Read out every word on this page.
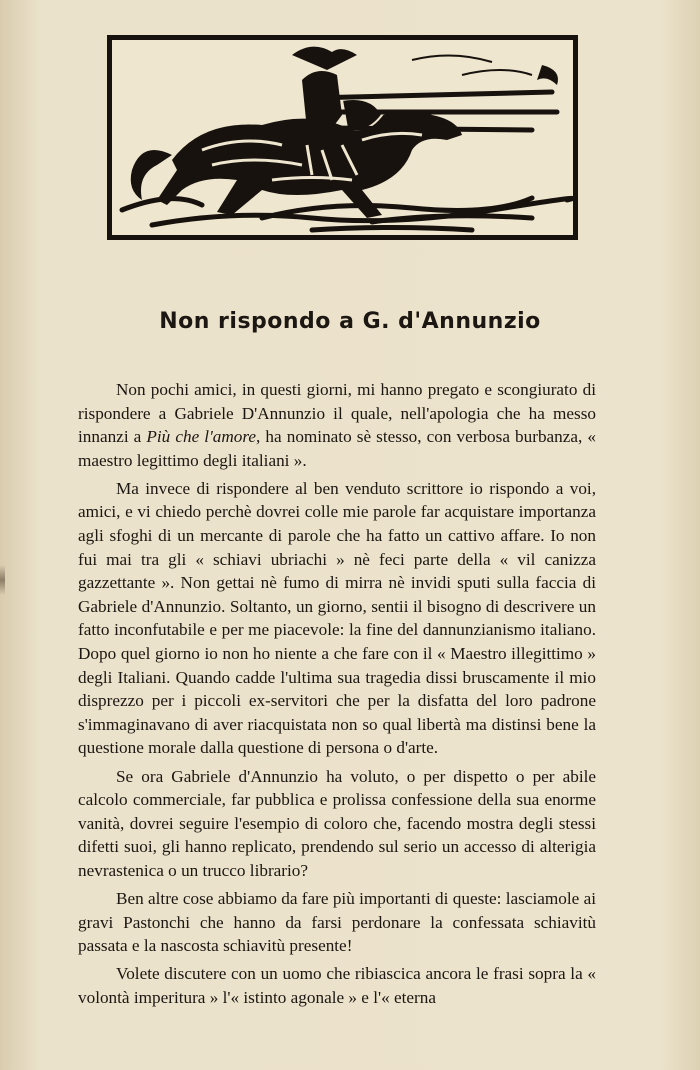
Non rispondo a G. d'Annunzio

Non pochi amici, in questi giorni, mi hanno pregato e scongiurato di rispondere a Gabriele D'Annunzio il quale, nell'apologia che ha messo innanzi a Più che l'amore, ha nominato sè stesso, con verbosa burbanza, « maestro legittimo degli italiani ».

Ma invece di rispondere al ben venduto scrittore io rispondo a voi, amici, e vi chiedo perchè dovrei colle mie parole far acquistare importanza agli sfoghi di un mercante di parole che ha fatto un cattivo affare. Io non fui mai tra gli « schiavi ubriachi » nè feci parte della « vil canizza gazzettante ». Non gettai nè fumo di mirra nè invidi sputi sulla faccia di Gabriele d'Annunzio. Soltanto, un giorno, sentii il bisogno di descrivere un fatto inconfutabile e per me piacevole: la fine del dannunzianismo italiano. Dopo quel giorno io non ho niente a che fare con il « Maestro illegittimo » degli Italiani. Quando cadde l'ultima sua tragedia dissi bruscamente il mio disprezzo per i piccoli ex-servitori che per la disfatta del loro padrone s'immaginavano di aver riacquistata non so qual libertà ma distinsi bene la questione morale dalla questione di persona o d'arte.

Se ora Gabriele d'Annunzio ha voluto, o per dispetto o per abile calcolo commerciale, far pubblica e prolissa confessione della sua enorme vanità, dovrei seguire l'esempio di coloro che, facendo mostra degli stessi difetti suoi, gli hanno replicato, prendendo sul serio un accesso di alterigia nevrastenica o un trucco librario?

Ben altre cose abbiamo da fare più importanti di queste: lasciamole ai gravi Pastonchi che hanno da farsi perdonare la confessata schiavitù passata e la nascosta schiavitù presente!

Volete discutere con un uomo che ribiascica ancora le frasi sopra la « volontà imperitura » l'« istinto agonale » e l'« eterna
